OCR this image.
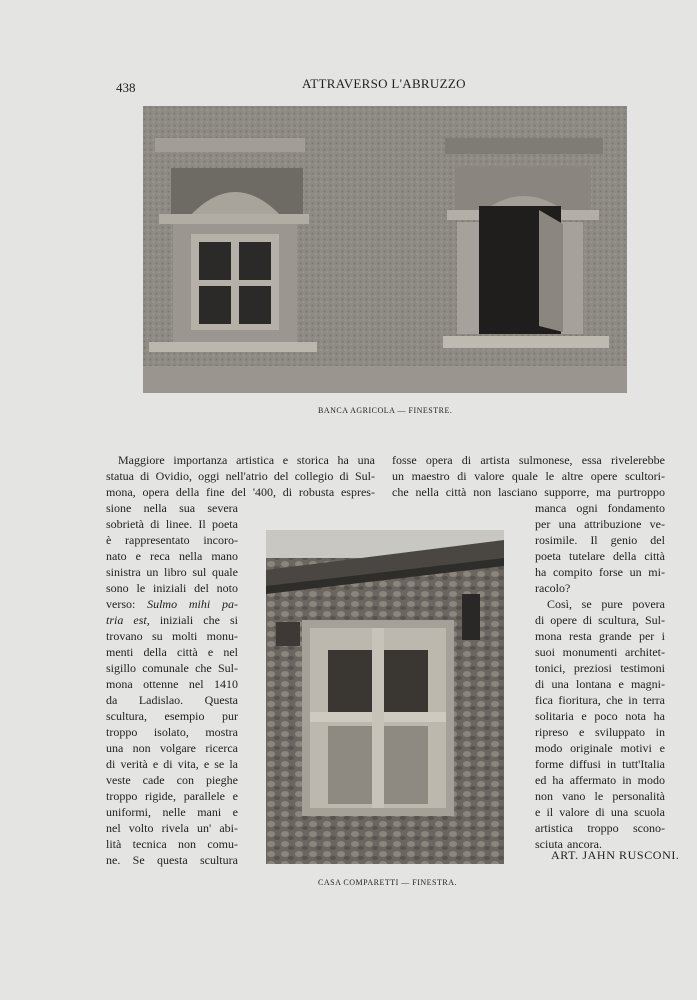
438	ATTRAVERSO L'ABRUZZO
BANCA AGRICOLA — FINESTRE.
CASA COMPARETTI — FINESTRA.
Maggiore importanza artistica e storica ha una
statua di Ovidio, oggi nell'atrio del collegio di Sul-
mona, opera della fine del '400, di robusta espres-
fosse opera di artista sulmonese, essa rivelerebbe
un maestro di valore quale le altre opere scultori-
che nella città non lasciano supporre, ma purtroppo
sione nella sua severa
sobrietà di linee. Il poeta
è rappresentato incoro-
nato e reca nella mano
sinistra un libro sul quale
sono le iniziali del noto
verso: Sulmo mihi pa-
tria est, iniziali che si
trovano su molti monu-
menti della città e nel
sigillo comunale che Sul-
mona ottenne nel 1410
da Ladislao. Questa
scultura, esempio pur
troppo isolato, mostra
una non volgare ricerca
di verità e di vita, e se la
veste cade con pieghe
troppo rigide, parallele e
uniformi, nelle mani e
nel volto rivela un' abi-
lità tecnica non comu-
ne. Se questa scultura
manca ogni fondamento
per una attribuzione ve-
rosimile. Il genio del
poeta tutelare della città
ha compito forse un mi-
racolo?
Così, se pure povera
di opere di scultura, Sul-
mona resta grande per i
suoi monumenti architet-
tonici, preziosi testimoni
di una lontana e magni-
fica fioritura, che in terra
solitaria e poco nota ha
ripreso e sviluppato in
modo originale motivi e
forme diffusi in tutt'Italia
ed ha affermato in modo
non vano le personalità
e il valore di una scuola
artistica troppo scono-
sciuta ancora.
ART. JAHN RUSCONI.
